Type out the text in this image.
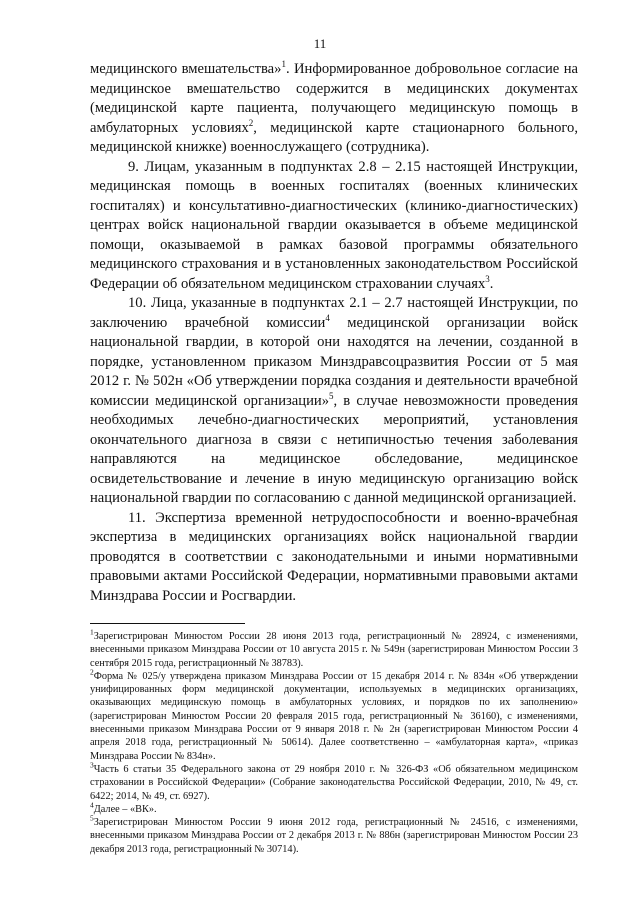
11

медицинского вмешательства»$^1$. Информированное добровольное согласие на медицинское вмешательство содержится в медицинских документах (медицинской карте пациента, получающего медицинскую помощь в амбулаторных условиях$^2$, медицинской карте стационарного больного, медицинской книжке) военнослужащего (сотрудника).

9. Лицам, указанным в подпунктах 2.8 – 2.15 настоящей Инструкции, медицинская помощь в военных госпиталях (военных клинических госпиталях) и консультативно-диагностических (клинико-диагностических) центрах войск национальной гвардии оказывается в объеме медицинской помощи, оказываемой в рамках базовой программы обязательного медицинского страхования и в установленных законодательством Российской Федерации об обязательном медицинском страховании случаях$^3$.

10. Лица, указанные в подпунктах 2.1 – 2.7 настоящей Инструкции, по заключению врачебной комиссии$^4$ медицинской организации войск национальной гвардии, в которой они находятся на лечении, созданной в порядке, установленном приказом Минздравсоцразвития России от 5 мая 2012 г. № 502н «Об утверждении порядка создания и деятельности врачебной комиссии медицинской организации»$^5$, в случае невозможности проведения необходимых лечебно-диагностических мероприятий, установления окончательного диагноза в связи с нетипичностью течения заболевания направляются на медицинское обследование, медицинское освидетельствование и лечение в иную медицинскую организацию войск национальной гвардии по согласованию с данной медицинской организацией.

11. Экспертиза временной нетрудоспособности и военно-врачебная экспертиза в медицинских организациях войск национальной гвардии проводятся в соответствии с законодательными и иными нормативными правовыми актами Российской Федерации, нормативными правовыми актами Минздрава России и Росгвардии.

$^1$Зарегистрирован Минюстом России 28 июня 2013 года, регистрационный № 28924, с изменениями, внесенными приказом Минздрава России от 10 августа 2015 г. № 549н (зарегистрирован Минюстом России 3 сентября 2015 года, регистрационный № 38783).

$^2$Форма № 025/у утверждена приказом Минздрава России от 15 декабря 2014 г. № 834н «Об утверждении унифицированных форм медицинской документации, используемых в медицинских организациях, оказывающих медицинскую помощь в амбулаторных условиях, и порядков по их заполнению» (зарегистрирован Минюстом России 20 февраля 2015 года, регистрационный № 36160), с изменениями, внесенными приказом Минздрава России от 9 января 2018 г. № 2н (зарегистрирован Минюстом России 4 апреля 2018 года, регистрационный № 50614). Далее соответственно – «амбулаторная карта», «приказ Минздрава России № 834н».

$^3$Часть 6 статьи 35 Федерального закона от 29 ноября 2010 г. № 326-ФЗ «Об обязательном медицинском страховании в Российской Федерации» (Собрание законодательства Российской Федерации, 2010, № 49, ст. 6422; 2014, № 49, ст. 6927).

$^4$Далее – «ВК».

$^5$Зарегистрирован Минюстом России 9 июня 2012 года, регистрационный № 24516, с изменениями, внесенными приказом Минздрава России от 2 декабря 2013 г. № 886н (зарегистрирован Минюстом России 23 декабря 2013 года, регистрационный № 30714).
